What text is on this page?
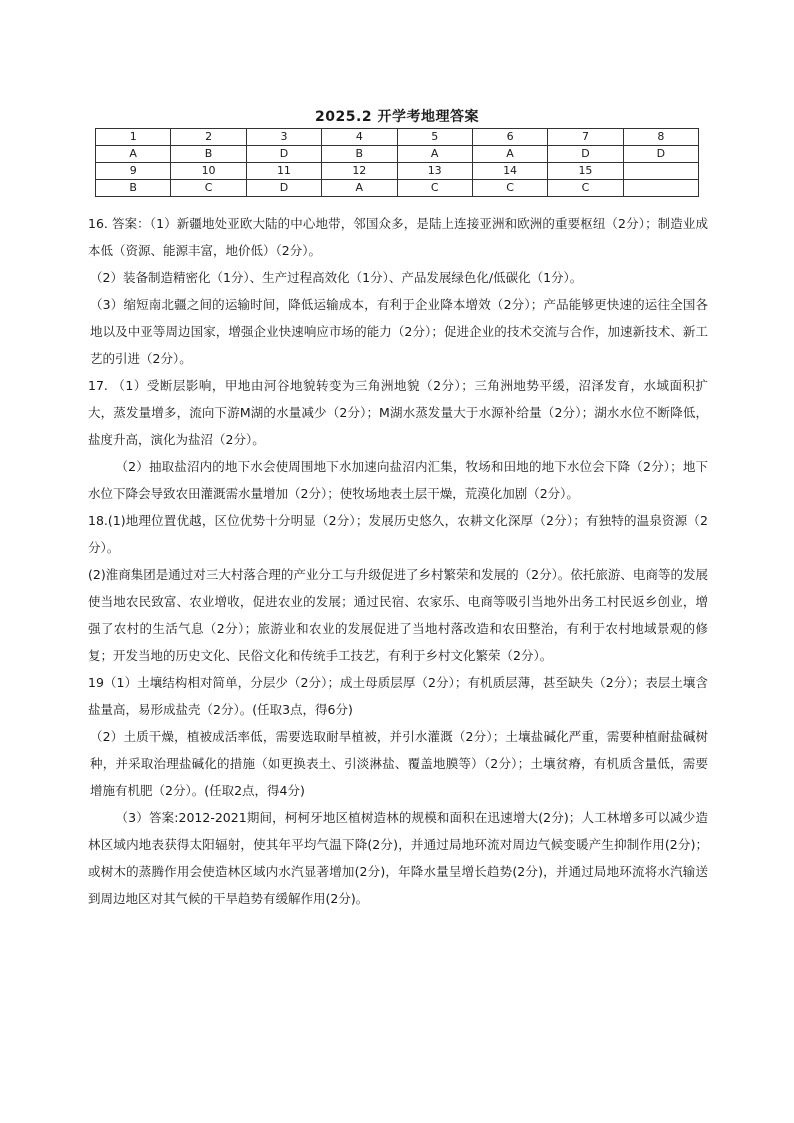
2025.2 开学考地理答案
1	2	3	4	5	6	7	8
A	B	D	B	A	A	D	D
9	10	11	12	13	14	15	
B	C	D	A	C	C	C	

16. 答案：（1）新疆地处亚欧大陆的中心地带，邻国众多，是陆上连接亚洲和欧洲的重要枢纽（2分）；制造业成本低（资源、能源丰富，地价低）（2分）。

（2）装备制造精密化（1分）、生产过程高效化（1分）、产品发展绿色化/低碳化（1分）。

（3）缩短南北疆之间的运输时间，降低运输成本，有利于企业降本增效（2分）；产品能够更快速的运往全国各地以及中亚等周边国家，增强企业快速响应市场的能力（2分）；促进企业的技术交流与合作，加速新技术、新工艺的引进（2分）。

17. （1）受断层影响，甲地由河谷地貌转变为三角洲地貌（2分）；三角洲地势平缓，沼泽发育，水域面积扩大，蒸发量增多，流向下游M湖的水量减少（2分）；M湖水蒸发量大于水源补给量（2分）；湖水水位不断降低，盐度升高，演化为盐沼（2分）。

（2）抽取盐沼内的地下水会使周围地下水加速向盐沼内汇集，牧场和田地的地下水位会下降（2分）；地下水位下降会导致农田灌溉需水量增加（2分）；使牧场地表土层干燥，荒漠化加剧（2分）。

18.(1)地理位置优越，区位优势十分明显（2分）；发展历史悠久，农耕文化深厚（2分）；有独特的温泉资源（2分）。

(2)淮商集团是通过对三大村落合理的产业分工与升级促进了乡村繁荣和发展的（2分）。依托旅游、电商等的发展使当地农民致富、农业增收，促进农业的发展；通过民宿、农家乐、电商等吸引当地外出务工村民返乡创业，增强了农村的生活气息（2分）；旅游业和农业的发展促进了当地村落改造和农田整治，有利于农村地域景观的修复；开发当地的历史文化、民俗文化和传统手工技艺，有利于乡村文化繁荣（2分）。

19（1）土壤结构相对简单，分层少（2分）；成土母质层厚（2分）；有机质层薄，甚至缺失（2分）；表层土壤含盐量高，易形成盐壳（2分）。(任取3点，得6分)

（2）土质干燥，植被成活率低，需要选取耐旱植被，并引水灌溉（2分）；土壤盐碱化严重，需要种植耐盐碱树种，并采取治理盐碱化的措施（如更换表土、引淡淋盐、覆盖地膜等）（2分）；土壤贫瘠，有机质含量低，需要增施有机肥（2分）。(任取2点，得4分)

（3）答案:2012-2021期间，柯柯牙地区植树造林的规模和面积在迅速增大(2分)；人工林增多可以减少造林区域内地表获得太阳辐射，使其年平均气温下降(2分)，并通过局地环流对周边气候变暖产生抑制作用(2分)；或树木的蒸腾作用会使造林区域内水汽显著增加(2分)，年降水量呈增长趋势(2分)，并通过局地环流将水汽输送到周边地区对其气候的干旱趋势有缓解作用(2分)。
